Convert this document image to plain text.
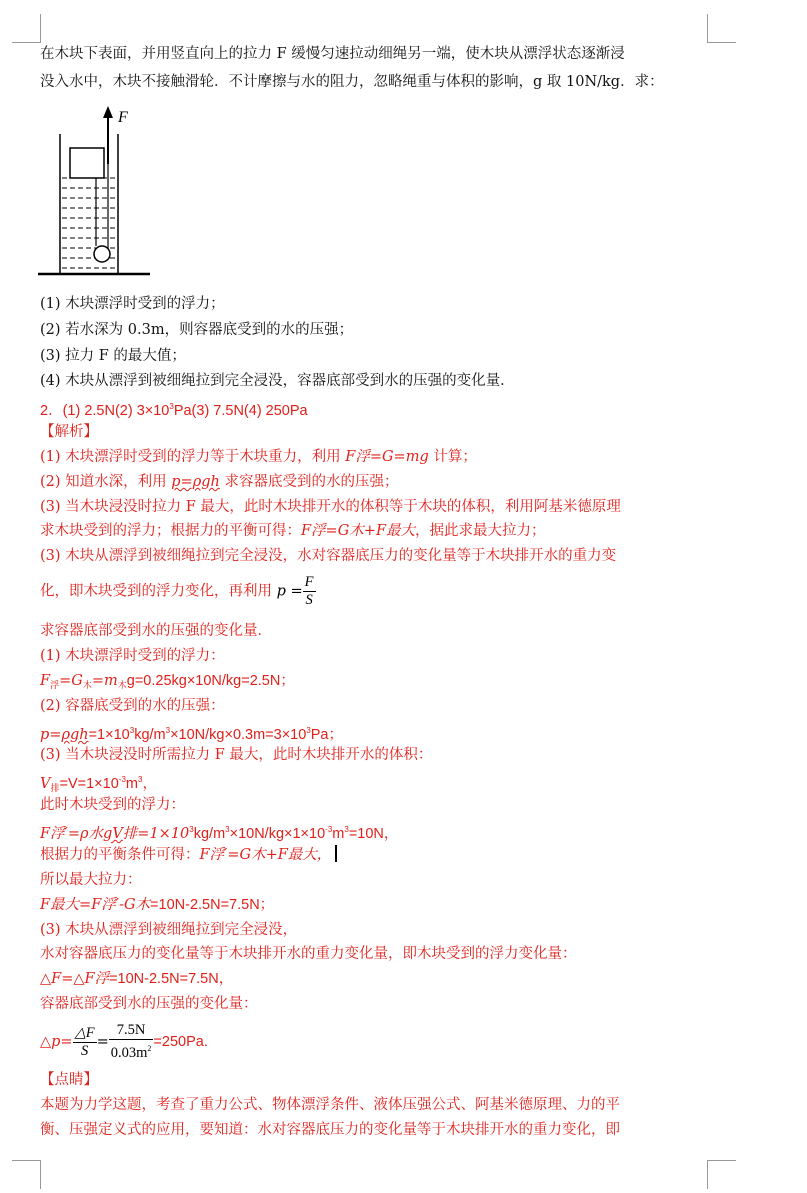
在木块下表面，并用竖直向上的拉力 F 缓慢匀速拉动细绳另一端，使木块从漂浮状态逐渐浸
没入水中，木块不接触滑轮．不计摩擦与水的阻力，忽略绳重与体积的影响，g 取 10N/kg．求：
F
(1) 木块漂浮时受到的浮力；
(2) 若水深为 0.3m，则容器底受到的水的压强；
(3) 拉力 F 的最大值；
(4) 木块从漂浮到被细绳拉到完全浸没，容器底部受到水的压强的变化量．
2．(1) 2.5N(2) $3\times 10^3Pa(3)$ 7.5N(4) 250Pa
【解析】
(1) 木块漂浮时受到的浮力等于木块重力，利用 F浮=G=mg 计算；
(2) 知道水深，利用 p=ρgh 求容器底受到的水的压强；
(3) 当木块浸没时拉力 F 最大，此时木块排开水的体积等于木块的体积，利用阿基米德原理
求木块受到的浮力；根据力的平衡可得：F浮=G木+F最大，据此求最大拉力；
(3) 木块从漂浮到被细绳拉到完全浸没，水对容器底压力的变化量等于木块排开水的重力变
化，即木块受到的浮力变化，再利用 $p = \frac{F}{S}$
求容器底部受到水的压强的变化量．
(1) 木块漂浮时受到的浮力：
$F_浮=G_木=m_木g=0.25kg\times 10N/kg=2.5N$；
(2) 容器底受到的水的压强：
$p=\rho gh=1\times 10^3kg/m^3\times 10N/kg\times 0.3m=3\times 10^3Pa$；
(3) 当木块浸没时所需拉力 F 最大，此时木块排开水的体积：
$V_排=V=1\times 10^{-3}m^3$，
此时木块受到的浮力：
F浮′=ρ水gV排$=1\times 10^3kg/m^3\times 10N/kg\times 1\times 10^{-3}m^3=10N$，
根据力的平衡条件可得：F浮′=G木+F最大，
所以最大拉力：
F最大=F浮′-G木=10N-2.5N=7.5N；
(3) 木块从漂浮到被细绳拉到完全浸没，
水对容器底压力的变化量等于木块排开水的重力变化量，即木块受到的浮力变化量：
△F=△F浮=10N-2.5N=7.5N，
容器底部受到水的压强的变化量：
△p= $\frac{\triangle F}{S} = \frac{7.5N}{0.03m^2} =250Pa$.
【点睛】
本题为力学这题，考查了重力公式、物体漂浮条件、液体压强公式、阿基米德原理、力的平
衡、压强定义式的应用，要知道：水对容器底压力的变化量等于木块排开水的重力变化，即
